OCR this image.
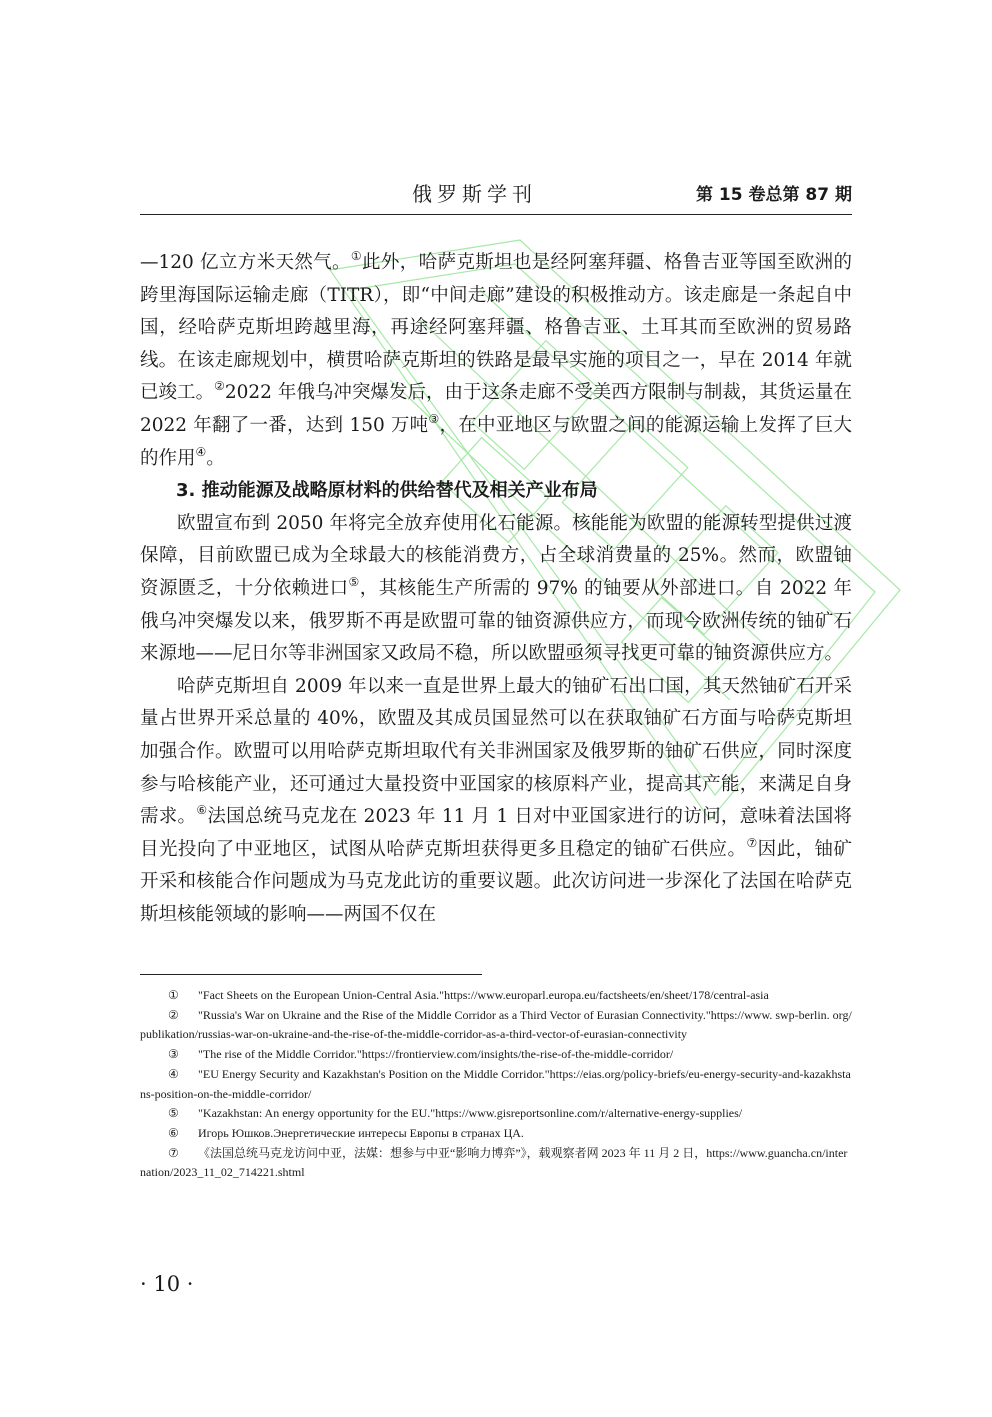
俄罗斯学刊	第 15 卷总第 87 期

—120 亿立方米天然气。①此外，哈萨克斯坦也是经阿塞拜疆、格鲁吉亚等国至欧洲的跨里海国际运输走廊（TITR），即“中间走廊”建设的积极推动方。该走廊是一条起自中国，经哈萨克斯坦跨越里海，再途经阿塞拜疆、格鲁吉亚、土耳其而至欧洲的贸易路线。在该走廊规划中，横贯哈萨克斯坦的铁路是最早实施的项目之一，早在 2014 年就已竣工。②2022 年俄乌冲突爆发后，由于这条走廊不受美西方限制与制裁，其货运量在 2022 年翻了一番，达到 150 万吨③，在中亚地区与欧盟之间的能源运输上发挥了巨大的作用④。

3. 推动能源及战略原材料的供给替代及相关产业布局

欧盟宣布到 2050 年将完全放弃使用化石能源。核能能为欧盟的能源转型提供过渡保障，目前欧盟已成为全球最大的核能消费方，占全球消费量的 25%。然而，欧盟铀资源匮乏，十分依赖进口⑤，其核能生产所需的 97% 的铀要从外部进口。自 2022 年俄乌冲突爆发以来，俄罗斯不再是欧盟可靠的铀资源供应方，而现今欧洲传统的铀矿石来源地——尼日尔等非洲国家又政局不稳，所以欧盟亟须寻找更可靠的铀资源供应方。

哈萨克斯坦自 2009 年以来一直是世界上最大的铀矿石出口国，其天然铀矿石开采量占世界开采总量的 40%，欧盟及其成员国显然可以在获取铀矿石方面与哈萨克斯坦加强合作。欧盟可以用哈萨克斯坦取代有关非洲国家及俄罗斯的铀矿石供应，同时深度参与哈核能产业，还可通过大量投资中亚国家的核原料产业，提高其产能，来满足自身需求。⑥法国总统马克龙在 2023 年 11 月 1 日对中亚国家进行的访问，意味着法国将目光投向了中亚地区，试图从哈萨克斯坦获得更多且稳定的铀矿石供应。⑦因此，铀矿开采和核能合作问题成为马克龙此访的重要议题。此次访问进一步深化了法国在哈萨克斯坦核能领域的影响——两国不仅在

① "Fact Sheets on the European Union-Central Asia."https://www.europarl.europa.eu/factsheets/en/sheet/178/central-asia

② "Russia's War on Ukraine and the Rise of the Middle Corridor as a Third Vector of Eurasian Connectivity."https://www. swp-berlin. org/publikation/russias-war-on-ukraine-and-the-rise-of-the-middle-corridor-as-a-third-vector-of-eurasian-connectivity

③ "The rise of the Middle Corridor."https://frontierview.com/insights/the-rise-of-the-middle-corridor/

④ "EU Energy Security and Kazakhstan's Position on the Middle Corridor."https://eias.org/policy-briefs/eu-energy-security-and-kazakhstans-position-on-the-middle-corridor/

⑤ "Kazakhstan: An energy opportunity for the EU."https://www.gisreportsonline.com/r/alternative-energy-supplies/

⑥ Игорь Юшков.Энергетические интересы Европы в странах ЦА.

⑦ 《法国总统马克龙访问中亚，法媒：想参与中亚“影响力博弈”》，载观察者网 2023 年 11 月 2 日，https://www.guancha.cn/internation/2023_11_02_714221.shtml

· 10 ·
